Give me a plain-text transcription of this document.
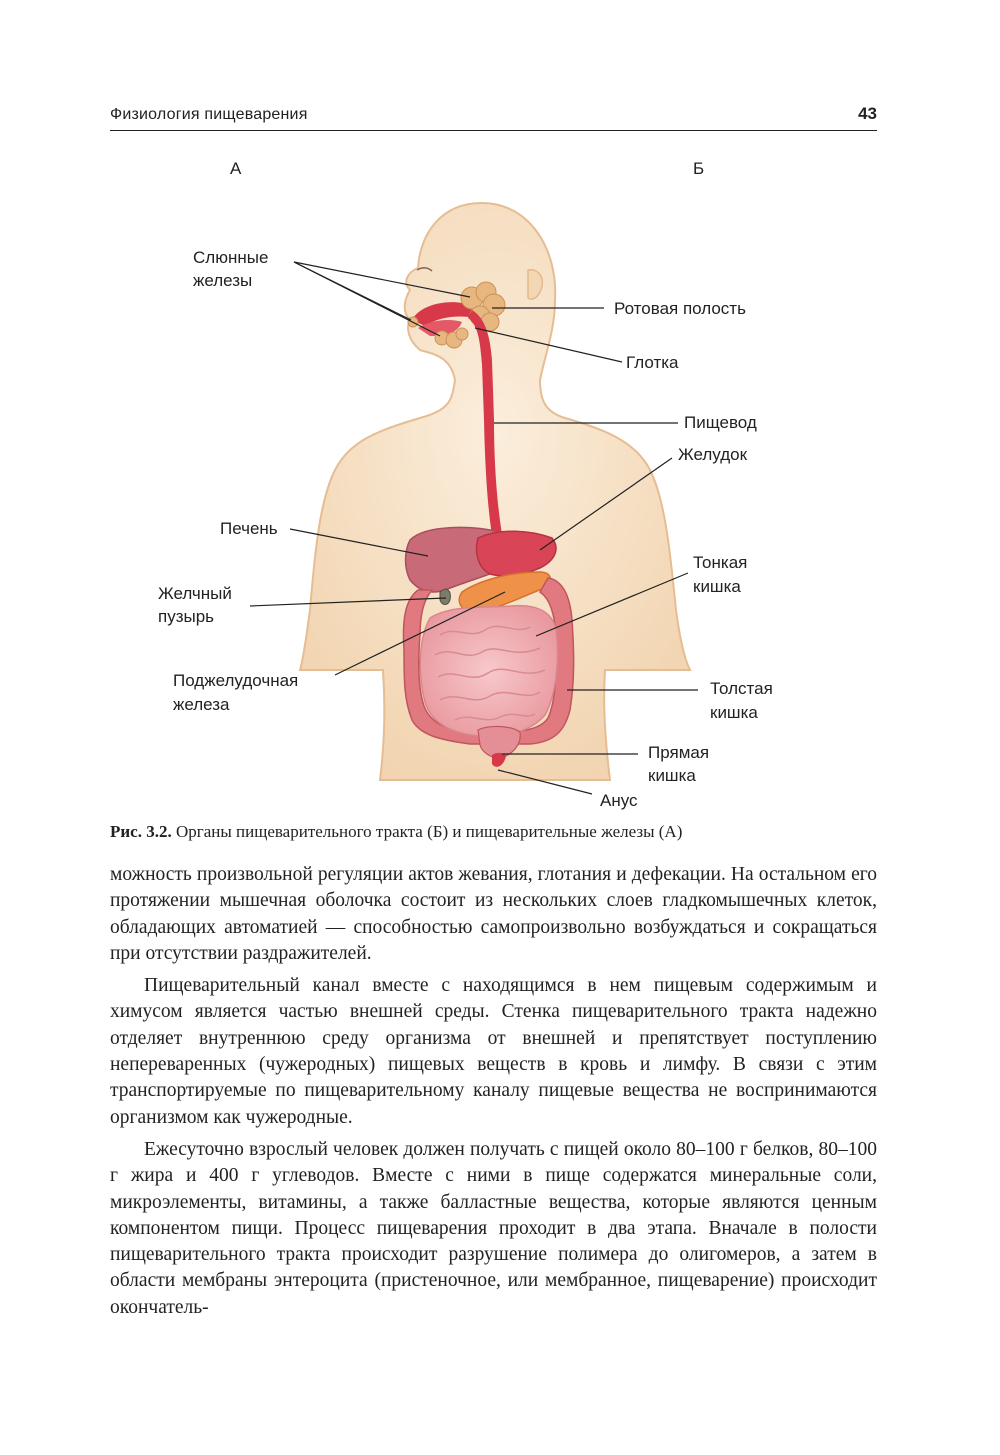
Физиология пищеварения	43
А	Б
Слюнные
железы
Ротовая полость
Глотка
Пищевод
Желудок
Печень
Тонкая
кишка
Желчный
пузырь
Поджелудочная
железа
Толстая
кишка
Прямая
кишка
Анус
Рис. 3.2. Органы пищеварительного тракта (Б) и пищеварительные железы (А)

можность произвольной регуляции актов жевания, глотания и дефекации. На остальном его протяжении мышечная оболочка состоит из нескольких слоев гладкомышечных клеток, обладающих автоматией — способностью самопроизвольно возбуждаться и сокращаться при отсутствии раздражителей.

Пищеварительный канал вместе с находящимся в нем пищевым содержимым и химусом является частью внешней среды. Стенка пищеварительного тракта надежно отделяет внутреннюю среду организма от внешней и препятствует поступлению непереваренных (чужеродных) пищевых веществ в кровь и лимфу. В связи с этим транспортируемые по пищеварительному каналу пищевые вещества не воспринимаются организмом как чужеродные.

Ежесуточно взрослый человек должен получать с пищей около 80–100 г белков, 80–100 г жира и 400 г углеводов. Вместе с ними в пище содержатся минеральные соли, микроэлементы, витамины, а также балластные вещества, которые являются ценным компонентом пищи. Процесс пищеварения проходит в два этапа. Вначале в полости пищеварительного тракта происходит разрушение полимера до олигомеров, а затем в области мембраны энтероцита (пристеночное, или мембранное, пищеварение) происходит окончатель-
